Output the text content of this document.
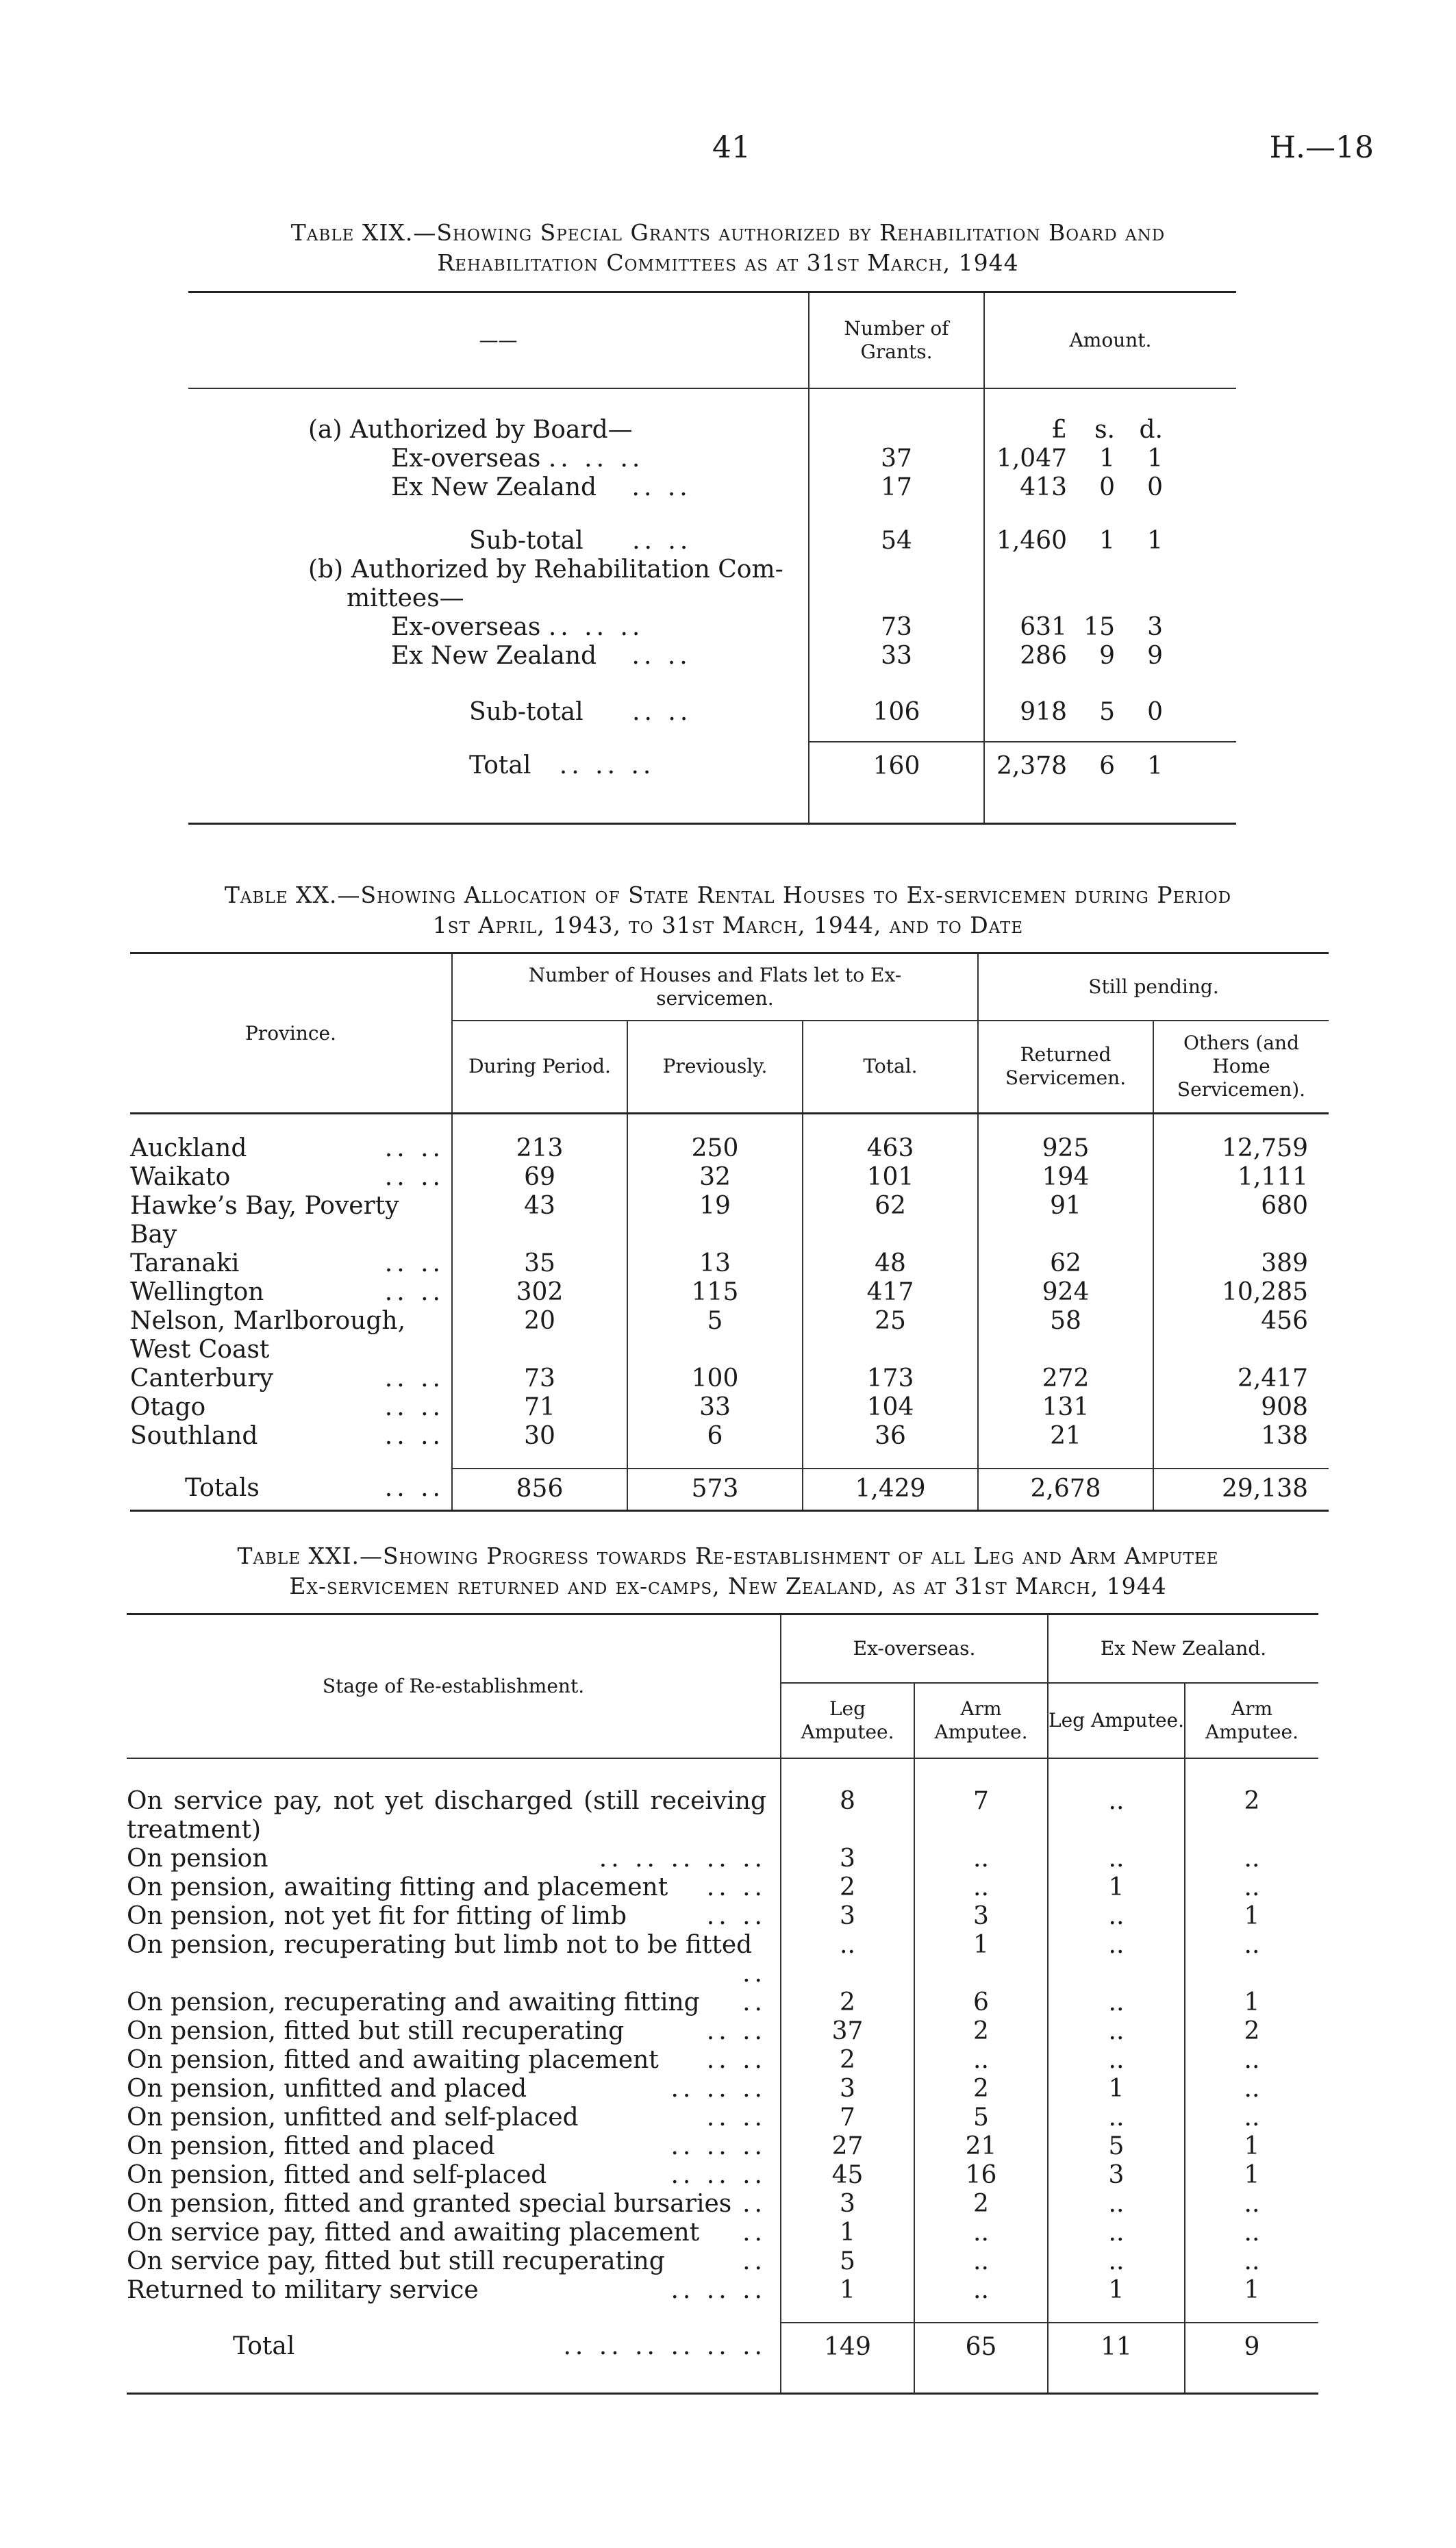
41	H.—18
Table XIX.—Showing Special Grants authorized by Rehabilitation Board and
Rehabilitation Committees as at 31st March, 1944
——	Number of Grants.	Amount.

(a) Authorized by Board—		£ s. d.
Ex-overseas .. .. ..	37	1,047 1 1
Ex New Zealand .. ..	17	413 0 0
Sub-total .. ..	54	1,460 1 1

(b) Authorized by Rehabilitation Com-
mittees—		

Ex-overseas .. .. ..	73	631 15 3
Ex New Zealand .. ..	33	286 9 9
Sub-total .. ..	106	918 5 0
Total .. .. ..	160	2,378 6 1
Table XX.—Showing Allocation of State Rental Houses to Ex-servicemen during Period
1st April, 1943, to 31st March, 1944, and to Date
Province.	Number of Houses and Flats let to Ex-servicemen.			Still pending.	
	During Period.	Previously.	Total.	Returned Servicemen.	Others (and Home Servicemen).

Auckland .. ..	213	250	463	925	12,759
Waikato .. ..	69	32	101	194	1,111
Hawke’s Bay, Poverty Bay	43	19	62	91	680
Taranaki .. ..	35	13	48	62	389
Wellington .. ..	302	115	417	924	10,285
Nelson, Marlborough, West Coast	20	5	25	58	456
Canterbury .. ..	73	100	173	272	2,417
Otago .. ..	71	33	104	131	908
Southland .. ..	30	6	36	21	138
Totals .. ..	856	573	1,429	2,678	29,138
Table XXI.—Showing Progress towards Re-establishment of all Leg and Arm Amputee
Ex-servicemen returned and ex-camps, New Zealand, as at 31st March, 1944
Stage of Re-establishment.	Ex-overseas.		Ex New Zealand.	
	Leg Amputee.	Arm Amputee.	Leg Amputee.	Arm Amputee.

On service pay, not yet discharged (still receiving treatment)	8	7	..	2
On pension .. .. .. .. ..	3	..	..	..
On pension, awaiting fitting and placement .. ..	2	..	1	..
On pension, not yet fit for fitting of limb .. ..	3	3	..	1
On pension, recuperating but limb not to be fitted
..	..	1	..	..
On pension, recuperating and awaiting fitting ..	2	6	..	1
On pension, fitted but still recuperating .. ..	37	2	..	2
On pension, fitted and awaiting placement .. ..	2	..	..	..
On pension, unfitted and placed .. .. ..	3	2	1	..
On pension, unfitted and self-placed .. ..	7	5	..	..
On pension, fitted and placed .. .. ..	27	21	5	1
On pension, fitted and self-placed .. .. ..	45	16	3	1
On pension, fitted and granted special bursaries ..	3	2	..	..
On service pay, fitted and awaiting placement ..	1	..	..	..
On service pay, fitted but still recuperating ..	5	..	..	..
Returned to military service .. .. ..	1	..	1	1
Total .. .. .. .. .. ..	149	65	11	9
